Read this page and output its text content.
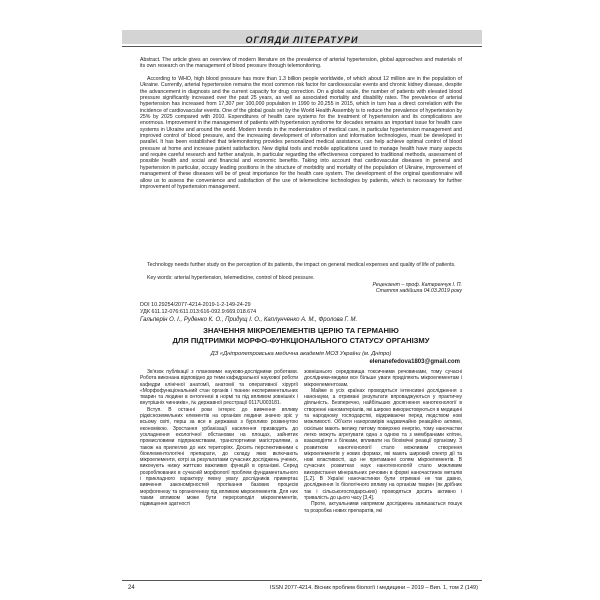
ОГЛЯДИ ЛІТЕРАТУРИ

Abstract. The article gives an overview of modern literature on the prevalence of arterial hypertension, global approaches and materials of its own research on the management of blood pressure through telemonitoring.

According to WHO, high blood pressure has more than 1.3 billion people worldwide, of which about 12 million are in the population of Ukraine. Currently, arterial hypertension remains the most common risk factor for cardiovascular events and chronic kidney disease, despite the advancement in diagnosis and the current capacity for drug correction. On a global scale, the number of patients with elevated blood pressure significantly increased over the past 25 years, as well as associated mortality and disability rates. The prevalence of arterial hypertension has increased from 17,307 per 100,000 population in 1990 to 20,255 in 2015, which in turn has a direct correlation with the incidence of cardiovascular events. One of the global goals set by the World Health Assembly is to reduce the prevalence of hypertension by 25% by 2025 compared with 2010. Expenditures of health care systems for the treatment of hypertension and its complications are enormous. Improvement in the management of patients with hypertension syndrome for decades remains an important issue for health care systems in Ukraine and around the world. Modern trends in the modernization of medical care, in particular hypertension management and improved control of blood pressure, and the increasing development of information and information technologies, must be developed in parallel. It has been established that telemonitoring provides personalized medical assistance, can help achieve optimal control of blood pressure at home and increase patient satisfaction. New digital tools and mobile applications used to manage health have many aspects and require careful research and further analysis, in particular regarding the effectiveness compared to traditional methods, assessment of possible health and social and financial and economic benefits. Taking into account that cardiovascular diseases in general and hypertension in particular, occupy leading positions in the structure of morbidity and mortality of the population of Ukraine, improvement of management of these diseases will be of great importance for the health care system. The development of the original questionnaire will allow us to assess the convenience and satisfaction of the use of telemedicine technologies by patients, which is necessary for further improvement of hypertension management.

Technology needs further study on the perception of its patients, the impact on general medical expenses and quality of life of patients.

Key words: arterial hypertension, telemedicine, control of blood pressure.

Рецензент – проф. Катеренчук І. П.
Стаття надійшла 04.03.2019 року

DOI 10.29254/2077-4214-2019-1-2-149-24-29

УДК 611.12-076:611.013:616-092.9:669.018.674

Гальперін О. І., Руденко К. О., Придущ І. О., Каплунченко А. М., Фролова Г. М.

ЗНАЧЕННЯ МІКРОЕЛЕМЕНТІВ ЦЕРІЮ ТА ГЕРМАНІЮ

ДЛЯ ПІДТРИМКИ МОРФО-ФУНКЦІОНАЛЬНОГО СТАТУСУ ОРГАНІЗМУ

ДЗ «Дніпропетровська медична академія МОЗ України (м. Дніпро)
elenanefedova1803@gmail.com

Зв'язок публікації з плановими науково-дослідними роботами. Робота виконана відповідно до теми кафедральної наукової роботи кафедри клінічної анатомії, анатомії та оперативної хірургії «Морфофункціональний стан органів і тканин експериментальних тварин та людини в онтогенезі в нормі та під впливом зовнішніх і внутрішніх чинників», № державної реєстрації 0117U003181.

Вступ. В останні роки інтерес до вивчення впливу рідкісноземельних елементів на організм людини значно зріс у всьому світі, перш за все в державах з бурхливо розвинутою економікою. Зростання урбанізації населення призводить до ускладнення екологічної обстановки на площах, зайнятих промисловими підприємствами, транспортними магістралями, а також на прилеглих до них територіях. Досить перспективними є біоелементологічні препарати, до складу яких включають мікроелементи, котрі за результатами сучасних досліджень учених, виконують низку життєво важливих функцій в організмі. Серед розроблюваних в сучасній морфології проблем фундаментального і прикладного характеру певну увагу дослідників привертає вивчення закономірностей протікання базових процесів морфогенезу та органогенезу під впливом мікроелементів. Для них таким впливом може бути перерозподіл мікроелементів, підвищення здатності

зовнішнього середовища токсичними речовинами, тому сучасні дослідники-медики все більше уваги приділяють мікроелементам і мікроелементозам.

Майже в усіх країнах проводяться інтенсивні дослідження з нанонауки, а отримані результати впроваджуються у практичну діяльність. Безперечно, найбільших досягнення нанотехнології в створенні наноматеріалів, які широко використовуються в медицині та народному господарстві, відкриваючи перед людством нові можливості. Об'єкти нанорозмірів надзвичайно реакційно активні, оскільки мають велику питому поверхню енергію, тому наночастки легко можуть агрегувати одна з одною та з мембранами клітин, взаємодіяти з білками, впливати на біохімічні реакції організму. З розвитком нанотехнології стало можливим створення мікроелементів у нових формах, які мають широкий спектр дії та нові властивості, що не притаманні солям мікроелементів. В сучасних розвитках наук нанотехнологій стало можливим використання мінеральних речовин в формі наночастинок металів [1,2]. В Україні наночастинки були отримані не так давно, дослідження їх біологічного впливу на організм тварин (як дрібних так і сільськогосподарських) проводяться досить активно і тривалість до цього часу [3,4].

Проте, актуальними напрямом досліджень залишається пошук та розробка нових препаратів, які

24	ISSN 2077-4214. Вісник проблем біології і медицини – 2019 – Вип. 1, том 2 (149)
